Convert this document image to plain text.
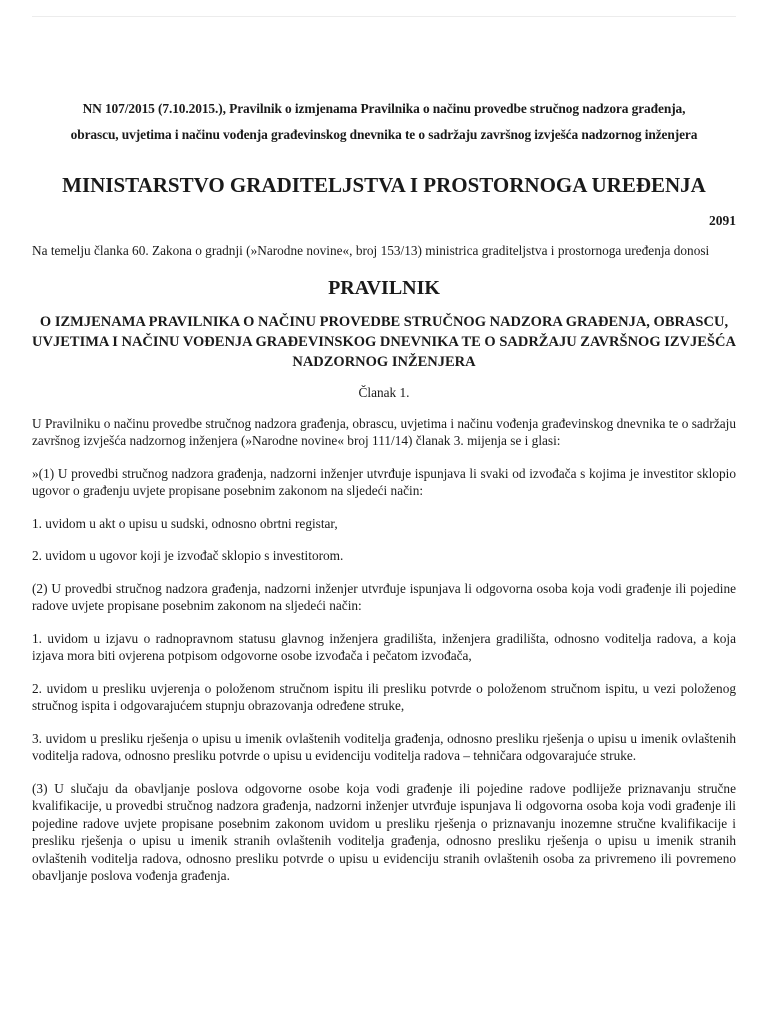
NN 107/2015 (7.10.2015.), Pravilnik o izmjenama Pravilnika o načinu provedbe stručnog nadzora građenja,

obrascu, uvjetima i načinu vođenja građevinskog dnevnika te o sadržaju završnog izvješća nadzornog inženjera

MINISTARSTVO GRADITELJSTVA I PROSTORNOGA UREĐENJA
2091

Na temelju članka 60. Zakona o gradnji (»Narodne novine«, broj 153/13) ministrica graditeljstva i prostornoga uređenja donosi

PRAVILNIK
O IZMJENAMA PRAVILNIKA O NAČINU PROVEDBE STRUČNOG NADZORA GRAĐENJA, OBRASCU, UVJETIMA I NAČINU VOĐENJA GRAĐEVINSKOG DNEVNIKA TE O SADRŽAJU ZAVRŠNOG IZVJEŠĆA NADZORNOG INŽENJERA
Članak 1.

U Pravilniku o načinu provedbe stručnog nadzora građenja, obrascu, uvjetima i načinu vođenja građevinskog dnevnika te o sadržaju završnog izvješća nadzornog inženjera (»Narodne novine« broj 111/14) članak 3. mijenja se i glasi:

»(1) U provedbi stručnog nadzora građenja, nadzorni inženjer utvrđuje ispunjava li svaki od izvođača s kojima je investitor sklopio ugovor o građenju uvjete propisane posebnim zakonom na sljedeći način:

1. uvidom u akt o upisu u sudski, odnosno obrtni registar,

2. uvidom u ugovor koji je izvođač sklopio s investitorom.

(2) U provedbi stručnog nadzora građenja, nadzorni inženjer utvrđuje ispunjava li odgovorna osoba koja vodi građenje ili pojedine radove uvjete propisane posebnim zakonom na sljedeći način:

1. uvidom u izjavu o radnopravnom statusu glavnog inženjera gradilišta, inženjera gradilišta, odnosno voditelja radova, a koja izjava mora biti ovjerena potpisom odgovorne osobe izvođača i pečatom izvođača,

2. uvidom u presliku uvjerenja o položenom stručnom ispitu ili presliku potvrde o položenom stručnom ispitu, u vezi položenog stručnog ispita i odgovarajućem stupnju obrazovanja određene struke,

3. uvidom u presliku rješenja o upisu u imenik ovlaštenih voditelja građenja, odnosno presliku rješenja o upisu u imenik ovlaštenih voditelja radova, odnosno presliku potvrde o upisu u evidenciju voditelja radova – tehničara odgovarajuće struke.

(3) U slučaju da obavljanje poslova odgovorne osobe koja vodi građenje ili pojedine radove podliježe priznavanju stručne kvalifikacije, u provedbi stručnog nadzora građenja, nadzorni inženjer utvrđuje ispunjava li odgovorna osoba koja vodi građenje ili pojedine radove uvjete propisane posebnim zakonom uvidom u presliku rješenja o priznavanju inozemne stručne kvalifikacije i presliku rješenja o upisu u imenik stranih ovlaštenih voditelja građenja, odnosno presliku rješenja o upisu u imenik stranih ovlaštenih voditelja radova, odnosno presliku potvrde o upisu u evidenciju stranih ovlaštenih osoba za privremeno ili povremeno obavljanje poslova vođenja građenja.
